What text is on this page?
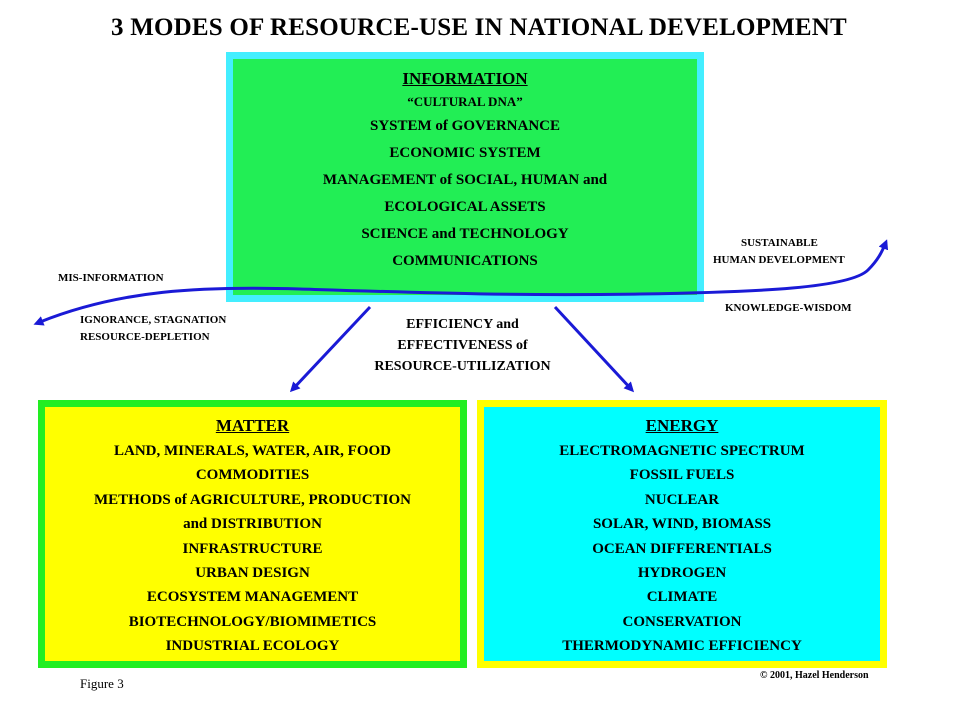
3 MODES OF RESOURCE-USE IN NATIONAL DEVELOPMENT
INFORMATION
“CULTURAL DNA”
SYSTEM of GOVERNANCE
ECONOMIC SYSTEM
MANAGEMENT of SOCIAL, HUMAN and
ECOLOGICAL ASSETS
SCIENCE and TECHNOLOGY
COMMUNICATIONS
MATTER
LAND, MINERALS, WATER, AIR, FOOD
COMMODITIES
METHODS of AGRICULTURE, PRODUCTION
and DISTRIBUTION
INFRASTRUCTURE
URBAN DESIGN
ECOSYSTEM MANAGEMENT
BIOTECHNOLOGY/BIOMIMETICS
INDUSTRIAL ECOLOGY
ENERGY
ELECTROMAGNETIC SPECTRUM
FOSSIL FUELS
NUCLEAR
SOLAR, WIND, BIOMASS
OCEAN DIFFERENTIALS
HYDROGEN
CLIMATE
CONSERVATION
THERMODYNAMIC EFFICIENCY
MIS-INFORMATION
IGNORANCE, STAGNATION
RESOURCE-DEPLETION
SUSTAINABLE
HUMAN DEVELOPMENT
KNOWLEDGE-WISDOM
EFFICIENCY and
EFFECTIVENESS of
RESOURCE-UTILIZATION
Figure 3
© 2001, Hazel Henderson
